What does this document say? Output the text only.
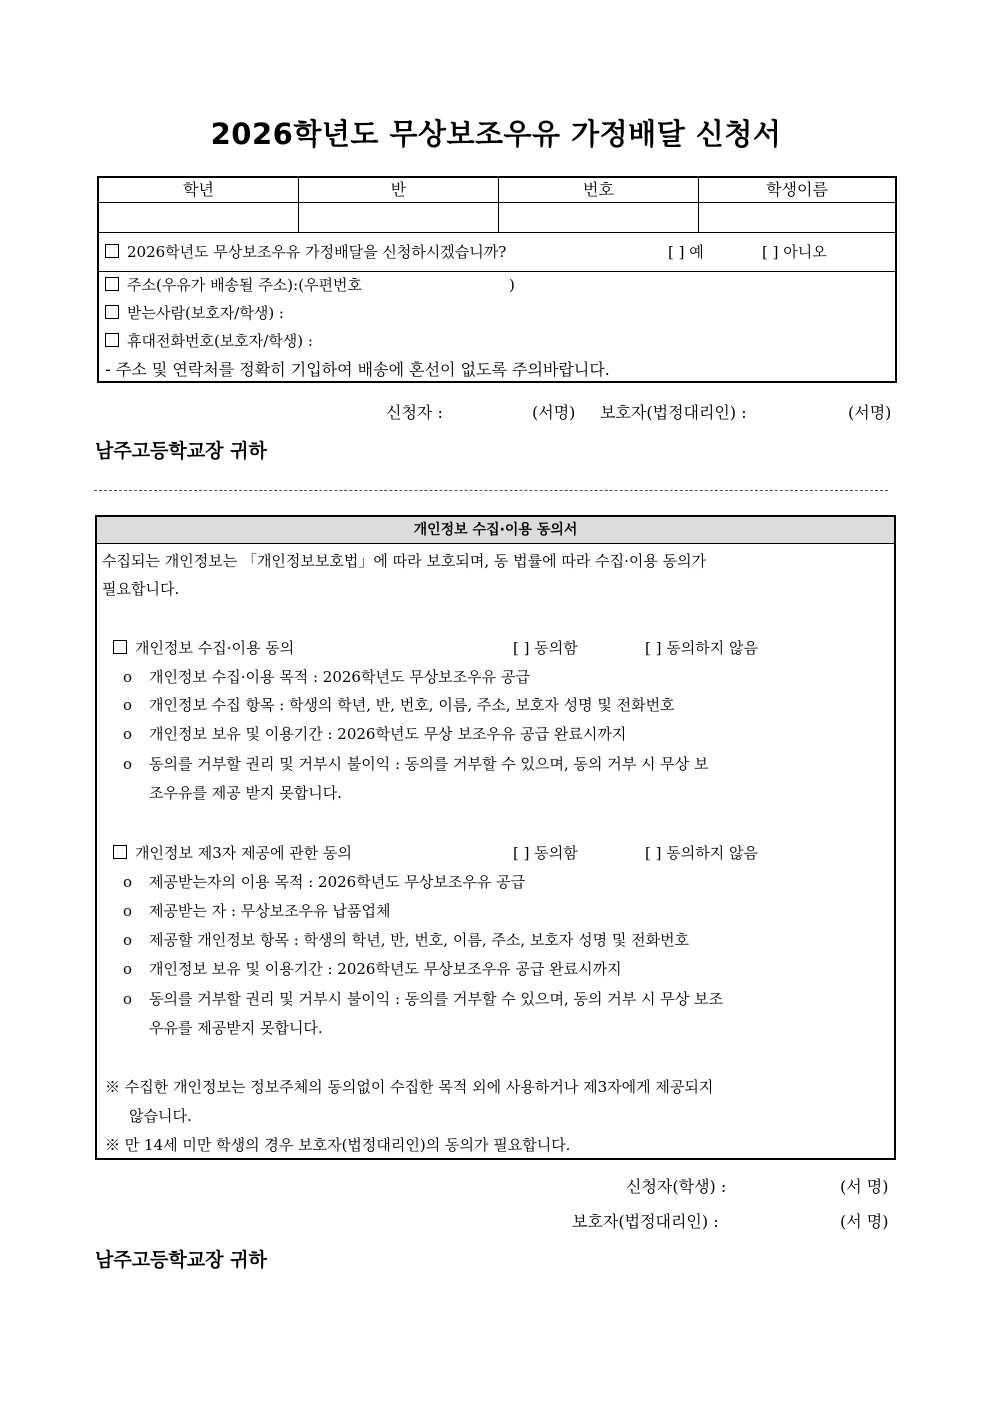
2026학년도 무상보조우유 가정배달 신청서
학년	반	번호	학생이름
2026학년도 무상보조우유 가정배달을 신청하시겠습니까?	[ ] 예	[ ] 아니오
주소(우유가 배송될 주소):(우편번호	)
받는사람(보호자/학생) :
휴대전화번호(보호자/학생) :
- 주소 및 연락처를 정확히 기입하여 배송에 혼선이 없도록 주의바랍니다.
신청자 :	(서명) 보호자(법정대리인) :	(서명)
남주고등학교장 귀하
개인정보 수집·이용 동의서
수집되는 개인정보는 「개인정보보호법」에 따라 보호되며, 동 법률에 따라 수집·이용 동의가
필요합니다.
개인정보 수집·이용 동의	[ ] 동의함	[ ] 동의하지 않음
o 개인정보 수집·이용 목적 : 2026학년도 무상보조우유 공급
o 개인정보 수집 항목 : 학생의 학년, 반, 번호, 이름, 주소, 보호자 성명 및 전화번호
o 개인정보 보유 및 이용기간 : 2026학년도 무상 보조우유 공급 완료시까지
o 동의를 거부할 권리 및 거부시 불이익 : 동의를 거부할 수 있으며, 동의 거부 시 무상 보
조우유를 제공 받지 못합니다.
개인정보 제3자 제공에 관한 동의	[ ] 동의함	[ ] 동의하지 않음
o 제공받는자의 이용 목적 : 2026학년도 무상보조우유 공급
o 제공받는 자 : 무상보조우유 납품업체
o 제공할 개인정보 항목 : 학생의 학년, 반, 번호, 이름, 주소, 보호자 성명 및 전화번호
o 개인정보 보유 및 이용기간 : 2026학년도 무상보조우유 공급 완료시까지
o 동의를 거부할 권리 및 거부시 불이익 : 동의를 거부할 수 있으며, 동의 거부 시 무상 보조
우유를 제공받지 못합니다.
※ 수집한 개인정보는 정보주체의 동의없이 수집한 목적 외에 사용하거나 제3자에게 제공되지
않습니다.
※ 만 14세 미만 학생의 경우 보호자(법정대리인)의 동의가 필요합니다.
신청자(학생) :	(서 명)
보호자(법정대리인) :	(서 명)
남주고등학교장 귀하
